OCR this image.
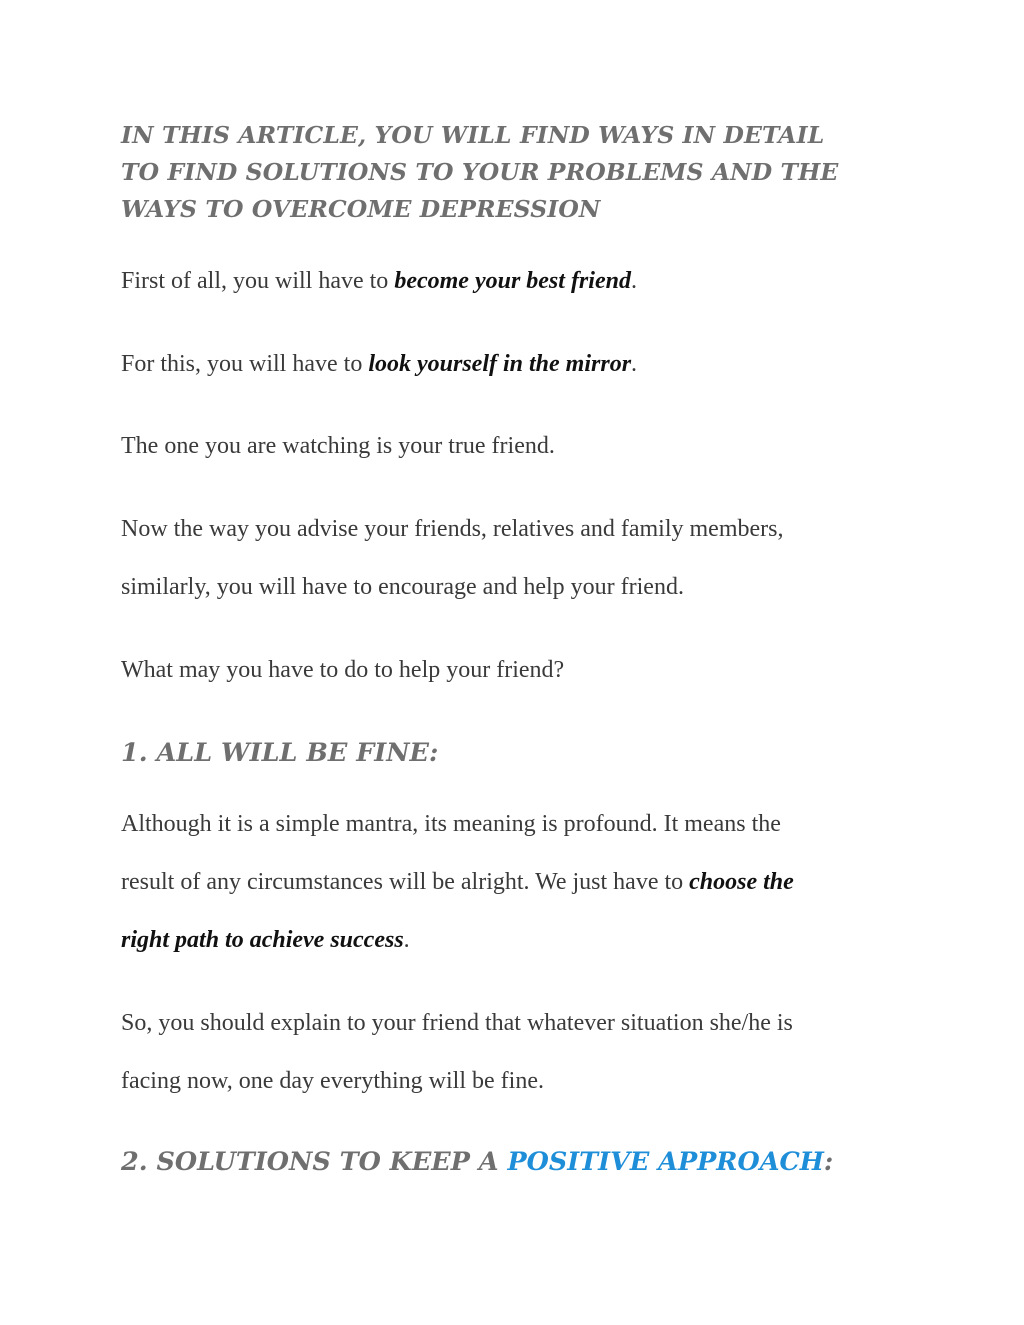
IN THIS ARTICLE, YOU WILL FIND WAYS IN DETAIL
TO FIND SOLUTIONS TO YOUR PROBLEMS AND THE
WAYS TO OVERCOME DEPRESSION

First of all, you will have to become your best friend.

For this, you will have to look yourself in the mirror.

The one you are watching is your true friend.

Now the way you advise your friends, relatives and family members,
similarly, you will have to encourage and help your friend.

What may you have to do to help your friend?

1. ALL WILL BE FINE:

Although it is a simple mantra, its meaning is profound. It means the
result of any circumstances will be alright. We just have to choose the
right path to achieve success.

So, you should explain to your friend that whatever situation she/he is
facing now, one day everything will be fine.

2. SOLUTIONS TO KEEP A POSITIVE APPROACH:
